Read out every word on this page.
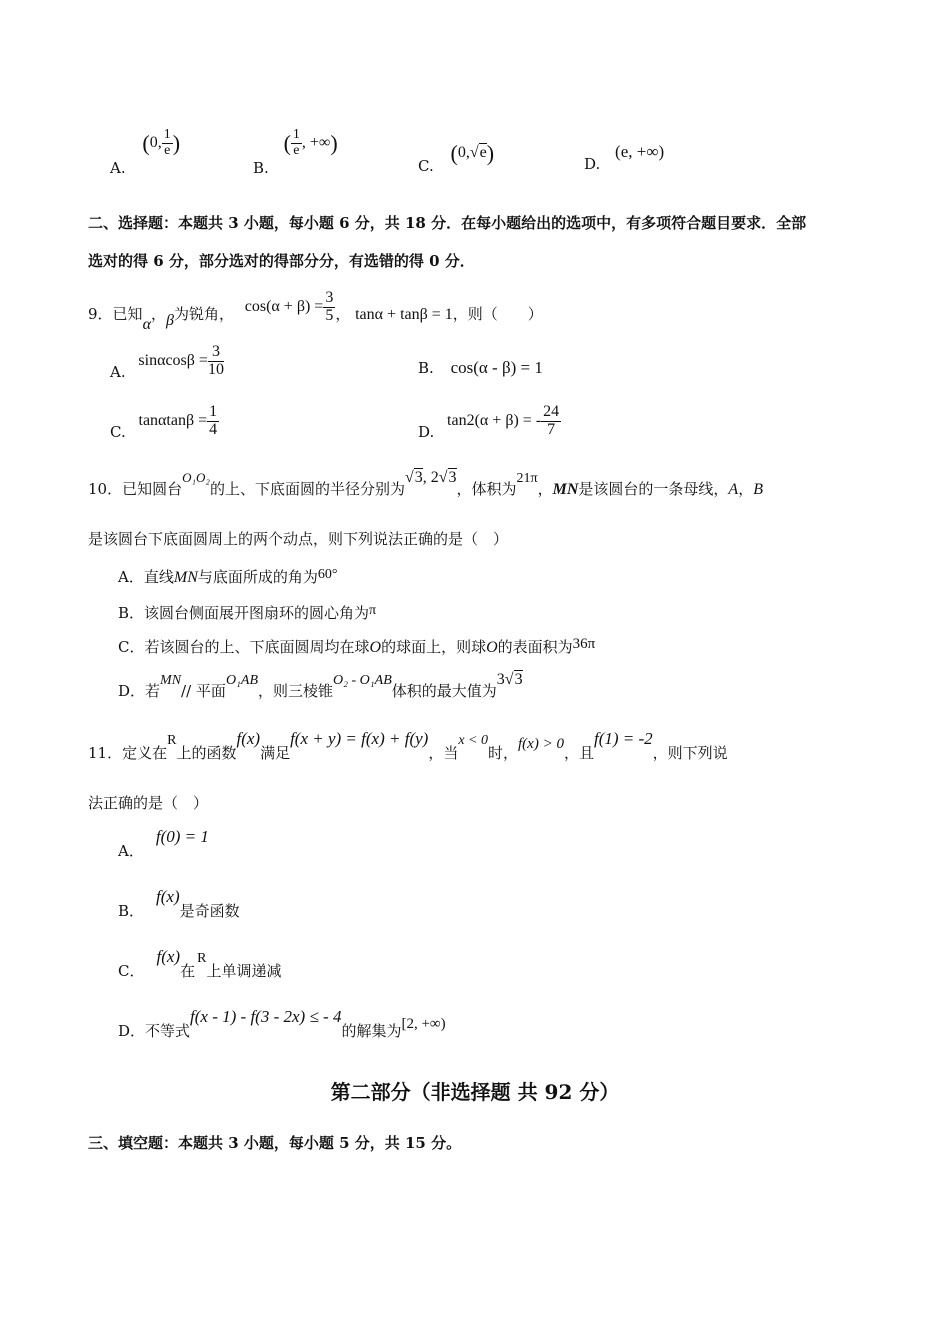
A. (0, $\frac{1}{e}$ )
B. ( $\frac{1}{e}$ , +∞)
C. (0,√e)	D. (e, +∞)
二、选择题：本题共 3 小题，每小题 6 分，共 18 分．在每小题给出的选项中，有多项符合题目要求．全部
选对的得 6 分，部分选对的得部分分，有选错的得 0 分．
9．已知α，β为锐角， $\cos(\alpha + \beta) = \frac{3}{5}$ ， tanα + tanβ = 1，则（　　）
A. $\sin\alpha\cos\beta = \frac{3}{10}$	B. cos(α - β) = 1
C. $\tan\alpha\tan\beta = \frac{1}{4}$	D. tan2(α + β) = - $\frac{24}{7}$
10．已知圆台O₁O₂的上、下底面圆的半径分别为√3, 2√3，体积为21π，MN是该圆台的一条母线，A，B
是该圆台下底面圆周上的两个动点，则下列说法正确的是（　）
A．直线MN与底面所成的角为60°
B．该圆台侧面展开图扇环的圆心角为π
C．若该圆台的上、下底面圆周均在球O的球面上，则球O的表面积为36π
D．若MN// 平面O₁AB，则三棱锥O₂ - O₁AB体积的最大值为3√3
11．定义在R上的函数f(x)满足f(x + y) = f(x) + f(y)，当x < 0时，f(x) > 0，且f(1) = -2，则下列说
法正确的是（　）
A．f(0) = 1
B．f(x)是奇函数
C．f(x)在R上单调递减
D．不等式f(x - 1) - f(3 - 2x) ≤ - 4的解集为[2, +∞)
第二部分（非选择题 共 92 分）
三、填空题：本题共 3 小题，每小题 5 分，共 15 分。
